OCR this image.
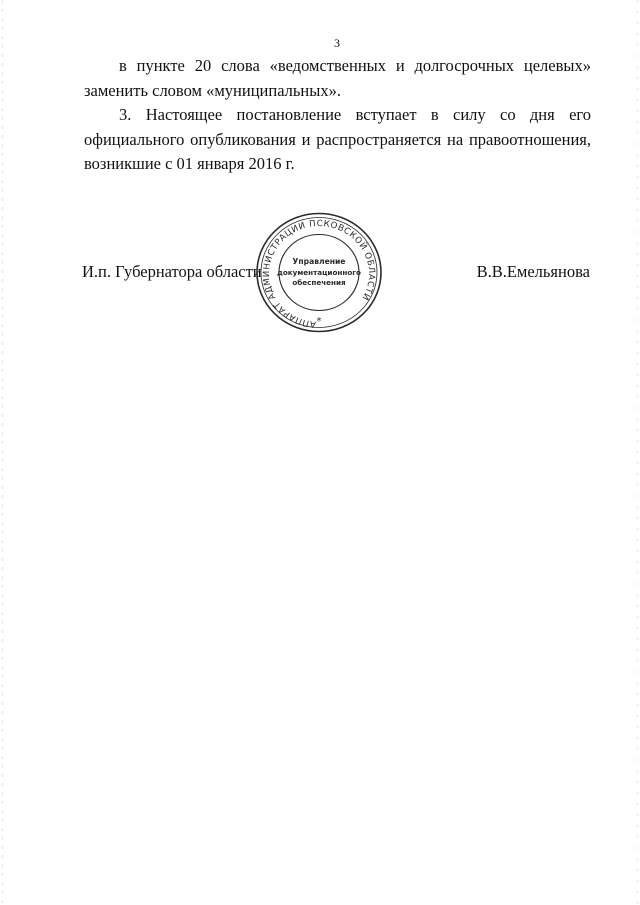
3
в пункте 20 слова «ведомственных и долгосрочных целевых»
заменить словом «муниципальных».
3. Настоящее постановление вступает в силу со дня его
официального опубликования и распространяется на правоотношения,
возникшие с 01 января 2016 г.
И.п. Губернатора области	В.В.Емельянова
АППАРАТ АДМИНИСТРАЦИИ ПСКОВСКОЙ ОБЛАСТИ
Управление
документационного
обеспечения
*
